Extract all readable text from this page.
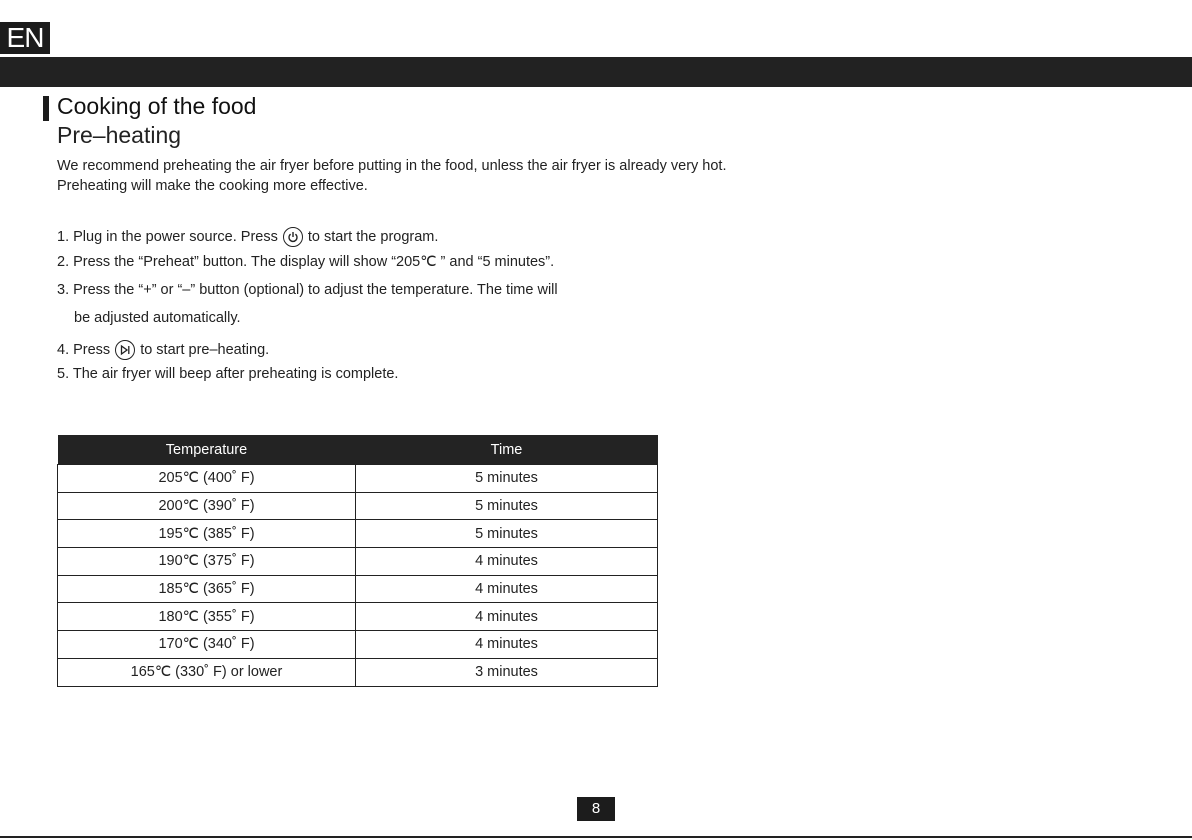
EN
Cooking of the food
Pre–heating

We recommend preheating the air fryer before putting in the food, unless the air fryer is already very hot.

Preheating will make the cooking more effective.

1. Plug in the power source. Press to start the program.
2. Press the “Preheat” button. The display will show “205℃ ” and “5 minutes”.
3. Press the “+” or “–” button (optional) to adjust the temperature. The time will
be adjusted automatically.
4. Press to start pre–heating.
5. The air fryer will beep after preheating is complete.
Temperature	Time
205℃ (400˚ F)	5 minutes
200℃ (390˚ F)	5 minutes
195℃ (385˚ F)	5 minutes
190℃ (375˚ F)	4 minutes
185℃ (365˚ F)	4 minutes
180℃ (355˚ F)	4 minutes
170℃ (340˚ F)	4 minutes
165℃ (330˚ F) or lower	3 minutes
8
